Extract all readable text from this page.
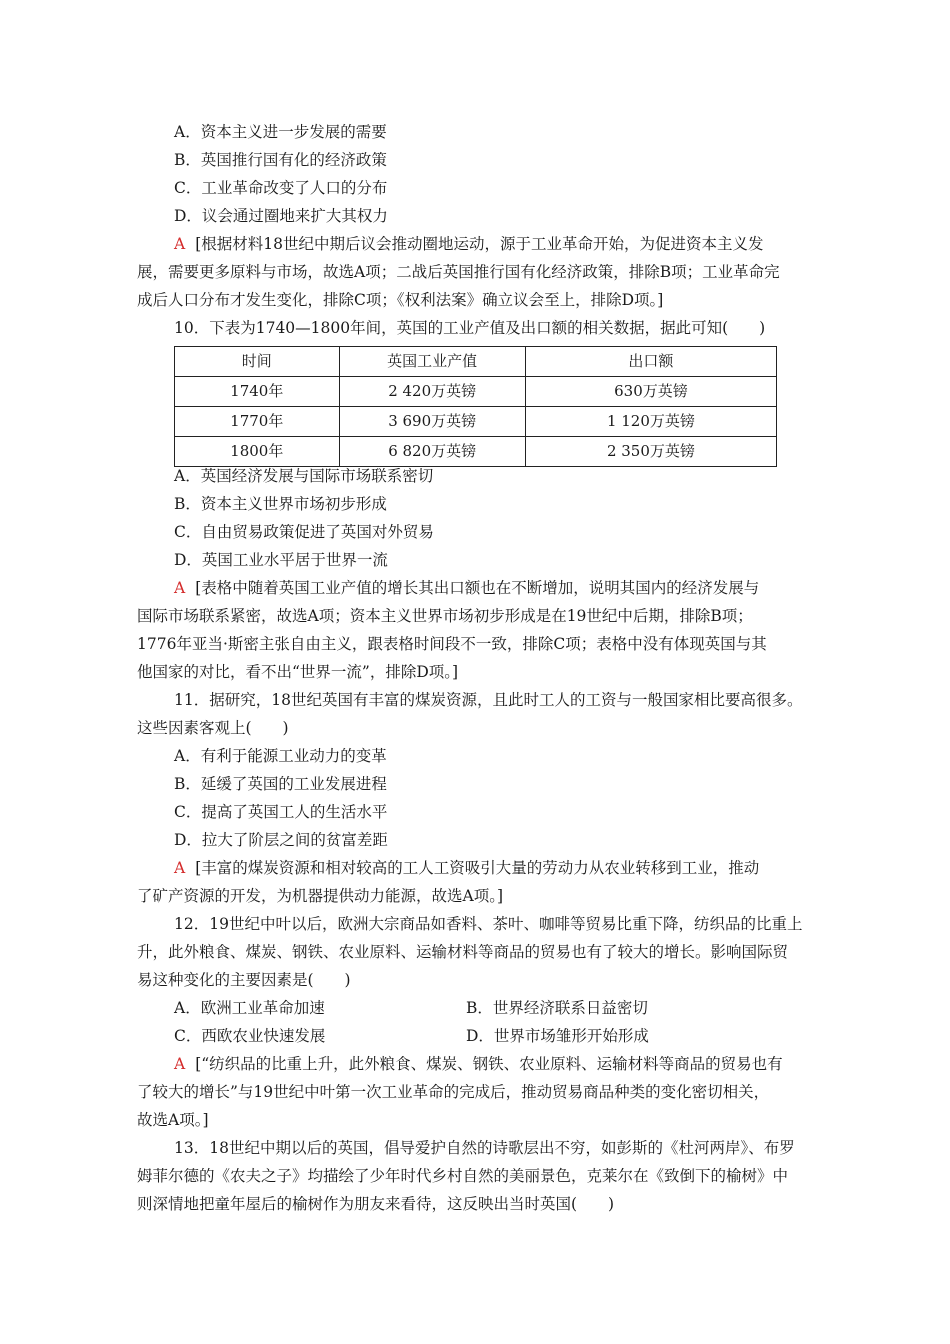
A．资本主义进一步发展的需要
B．英国推行国有化的经济政策
C．工业革命改变了人口的分布
D．议会通过圈地来扩大其权力
A [根据材料18世纪中期后议会推动圈地运动，源于工业革命开始，为促进资本主义发
展，需要更多原料与市场，故选A项；二战后英国推行国有化经济政策，排除B项；工业革命完
成后人口分布才发生变化，排除C项；《权利法案》确立议会至上，排除D项。]
10．下表为1740—1800年间，英国的工业产值及出口额的相关数据，据此可知(　　)
时间	英国工业产值	出口额
1740年	2 420万英镑	630万英镑
1770年	3 690万英镑	1 120万英镑
1800年	6 820万英镑	2 350万英镑
A．英国经济发展与国际市场联系密切
B．资本主义世界市场初步形成
C．自由贸易政策促进了英国对外贸易
D．英国工业水平居于世界一流
A [表格中随着英国工业产值的增长其出口额也在不断增加，说明其国内的经济发展与
国际市场联系紧密，故选A项；资本主义世界市场初步形成是在19世纪中后期，排除B项；
1776年亚当·斯密主张自由主义，跟表格时间段不一致，排除C项；表格中没有体现英国与其
他国家的对比，看不出“世界一流”，排除D项。]
11．据研究，18世纪英国有丰富的煤炭资源，且此时工人的工资与一般国家相比要高很多。
这些因素客观上(　　)
A．有利于能源工业动力的变革
B．延缓了英国的工业发展进程
C．提高了英国工人的生活水平
D．拉大了阶层之间的贫富差距
A [丰富的煤炭资源和相对较高的工人工资吸引大量的劳动力从农业转移到工业，推动
了矿产资源的开发，为机器提供动力能源，故选A项。]
12．19世纪中叶以后，欧洲大宗商品如香料、茶叶、咖啡等贸易比重下降，纺织品的比重上
升，此外粮食、煤炭、钢铁、农业原料、运输材料等商品的贸易也有了较大的增长。影响国际贸
易这种变化的主要因素是(　　)
A．欧洲工业革命加速	B．世界经济联系日益密切
C．西欧农业快速发展	D．世界市场雏形开始形成
A [“纺织品的比重上升，此外粮食、煤炭、钢铁、农业原料、运输材料等商品的贸易也有
了较大的增长”与19世纪中叶第一次工业革命的完成后，推动贸易商品种类的变化密切相关，
故选A项。]
13．18世纪中期以后的英国，倡导爱护自然的诗歌层出不穷，如彭斯的《杜河两岸》、布罗
姆菲尔德的《农夫之子》均描绘了少年时代乡村自然的美丽景色，克莱尔在《致倒下的榆树》中
则深情地把童年屋后的榆树作为朋友来看待，这反映出当时英国(　　)
